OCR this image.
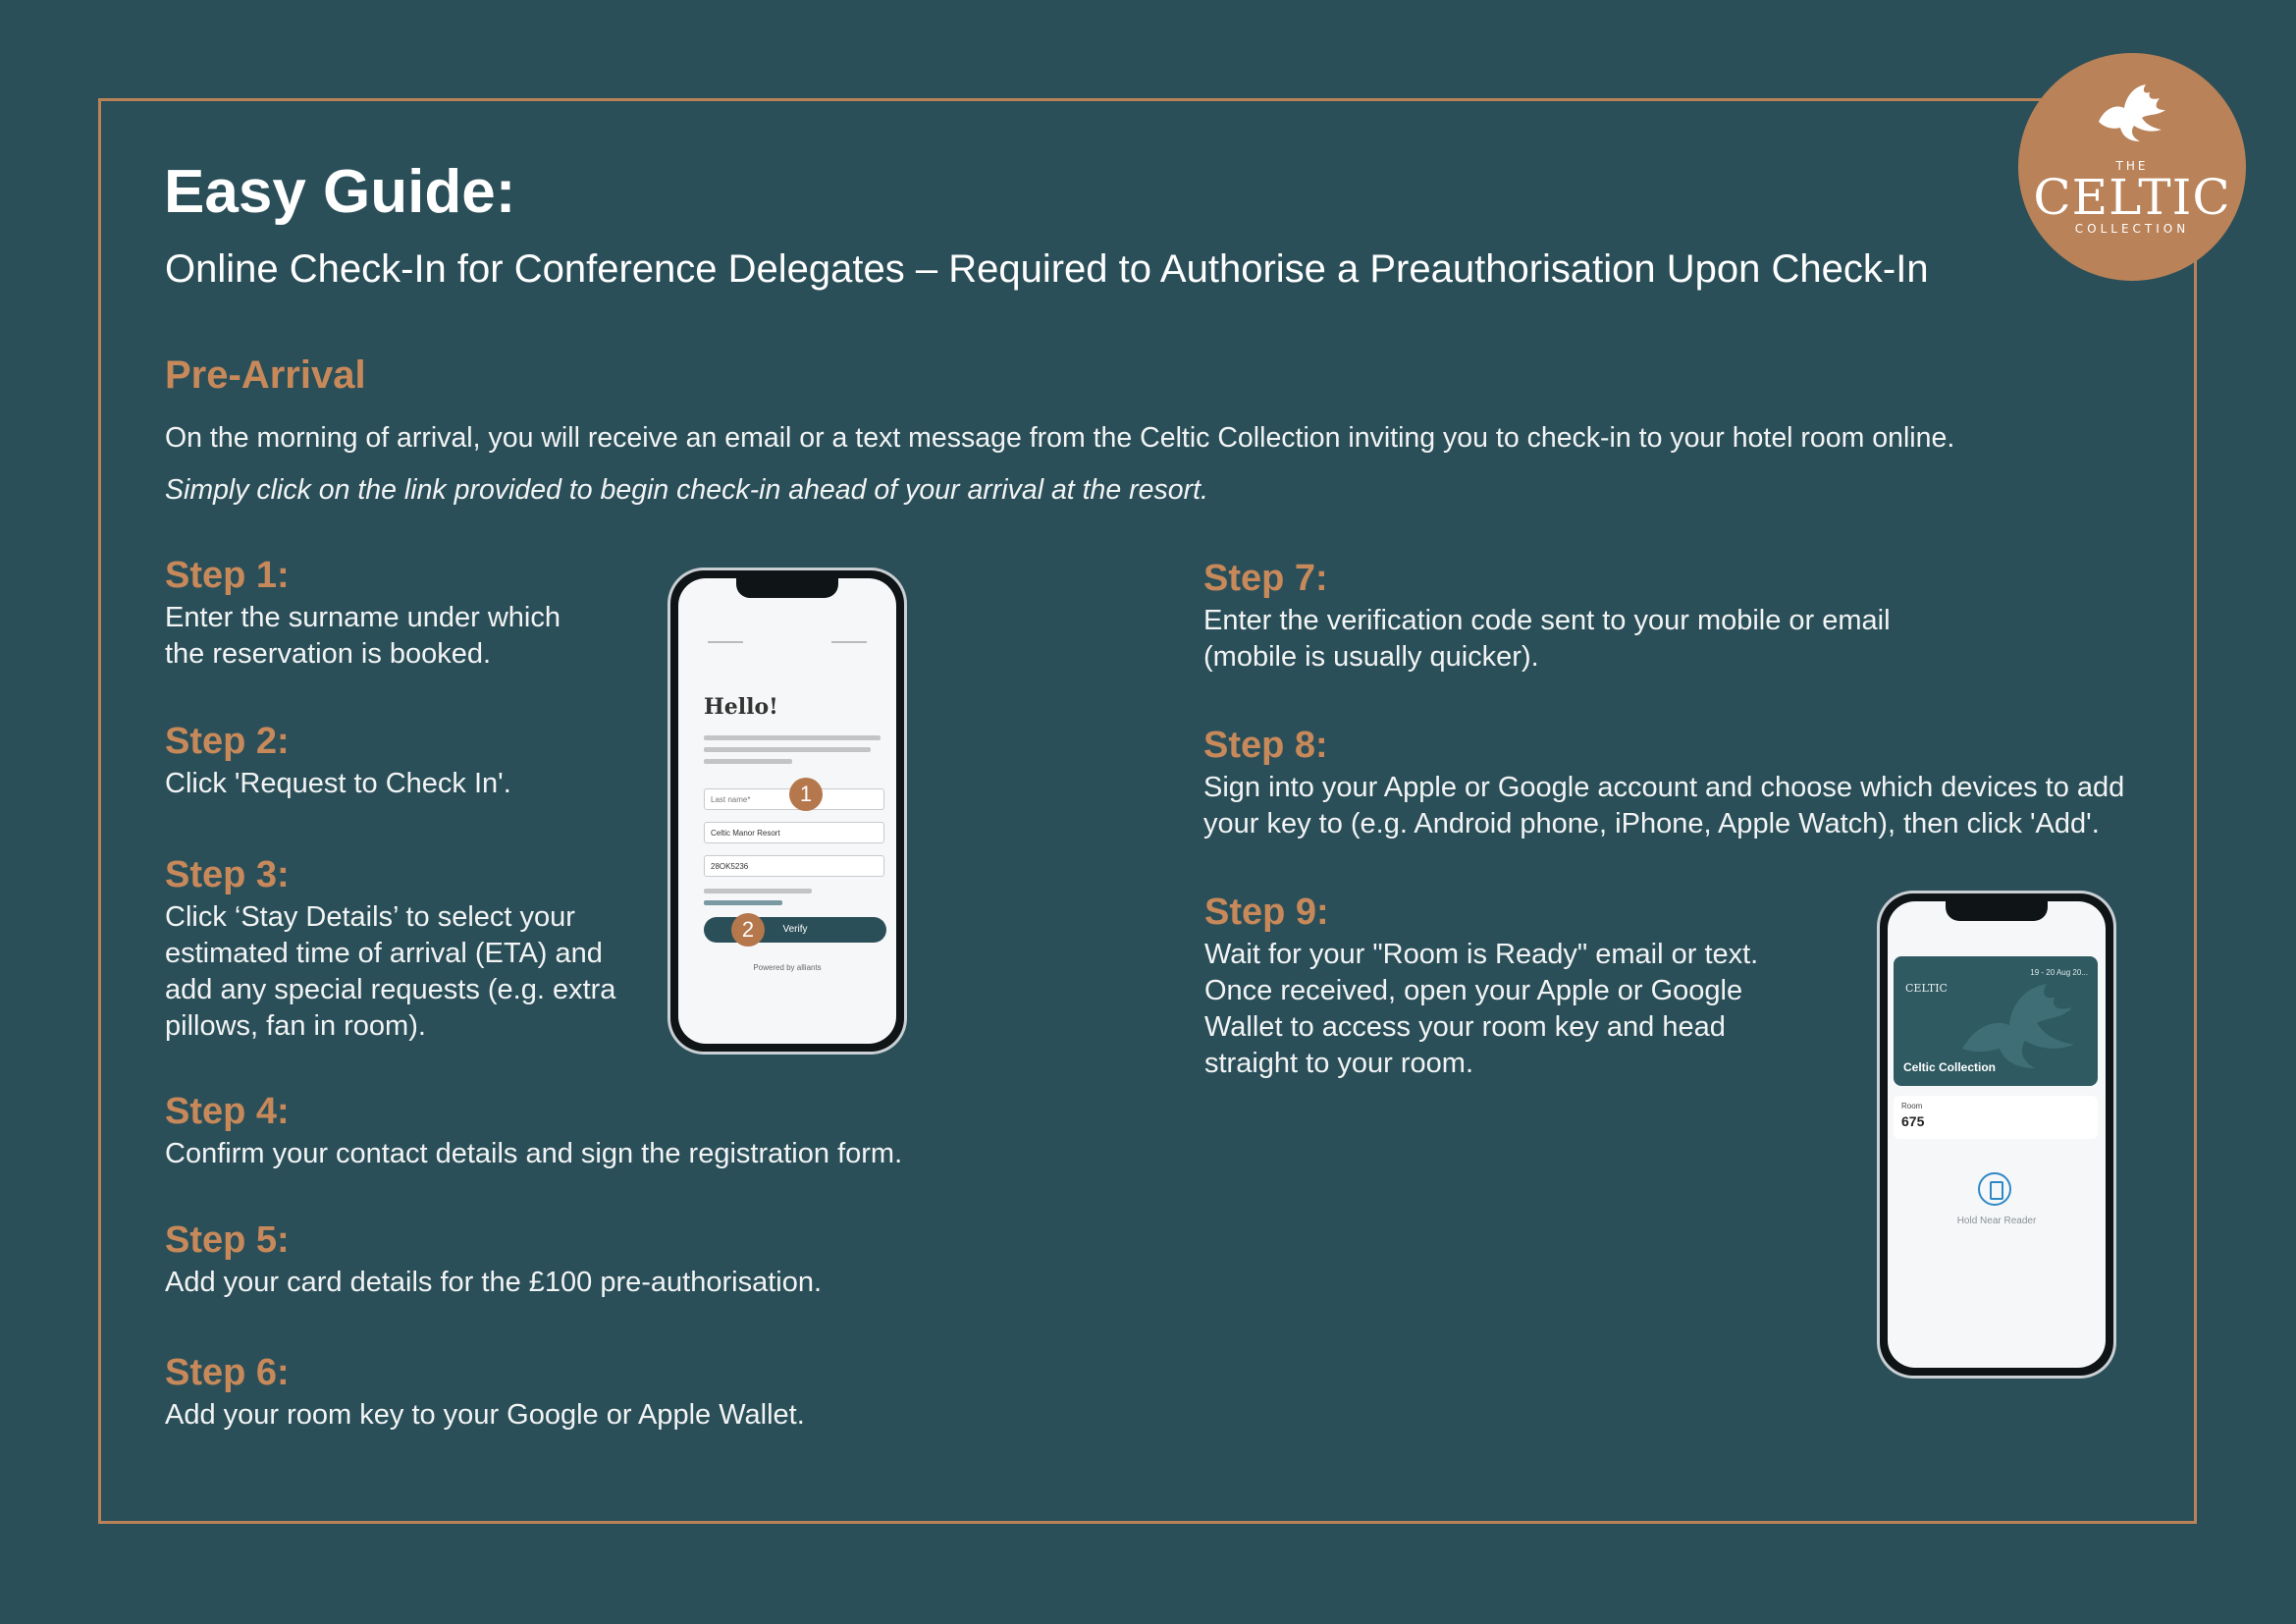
THE
CELTIC
COLLECTION
Easy Guide:
Online Check-In for Conference Delegates – Required to Authorise a Preauthorisation Upon Check-In
Pre-Arrival
On the morning of arrival, you will receive an email or a text message from the Celtic Collection inviting you to check-in to your hotel room online.
Simply click on the link provided to begin check-in ahead of your arrival at the resort.
Step 1:
Enter the surname under which the reservation is booked.
Step 2:
Click 'Request to Check In'.
Step 3:
Click ‘Stay Details’ to select your estimated time of arrival (ETA) and add any special requests (e.g. extra pillows, fan in room).
Step 4:
Confirm your contact details and sign the registration form.
Step 5:
Add your card details for the £100 pre-authorisation.
Step 6:
Add your room key to your Google or Apple Wallet.
Step 7:
Enter the verification code sent to your mobile or email (mobile is usually quicker).
Step 8:
Sign into your Apple or Google account and choose which devices to add your key to (e.g. Android phone, iPhone, Apple Watch), then click 'Add'.
Step 9:
Wait for your "Room is Ready" email or text. Once received, open your Apple or Google Wallet to access your room key and head straight to your room.
Hello!
Last name*
Celtic Manor Resort
28OK5236
Verify
1
2
Powered by alliants
CELTIC
19 - 20 Aug 20...
Celtic Collection
Room
675
Hold Near Reader
